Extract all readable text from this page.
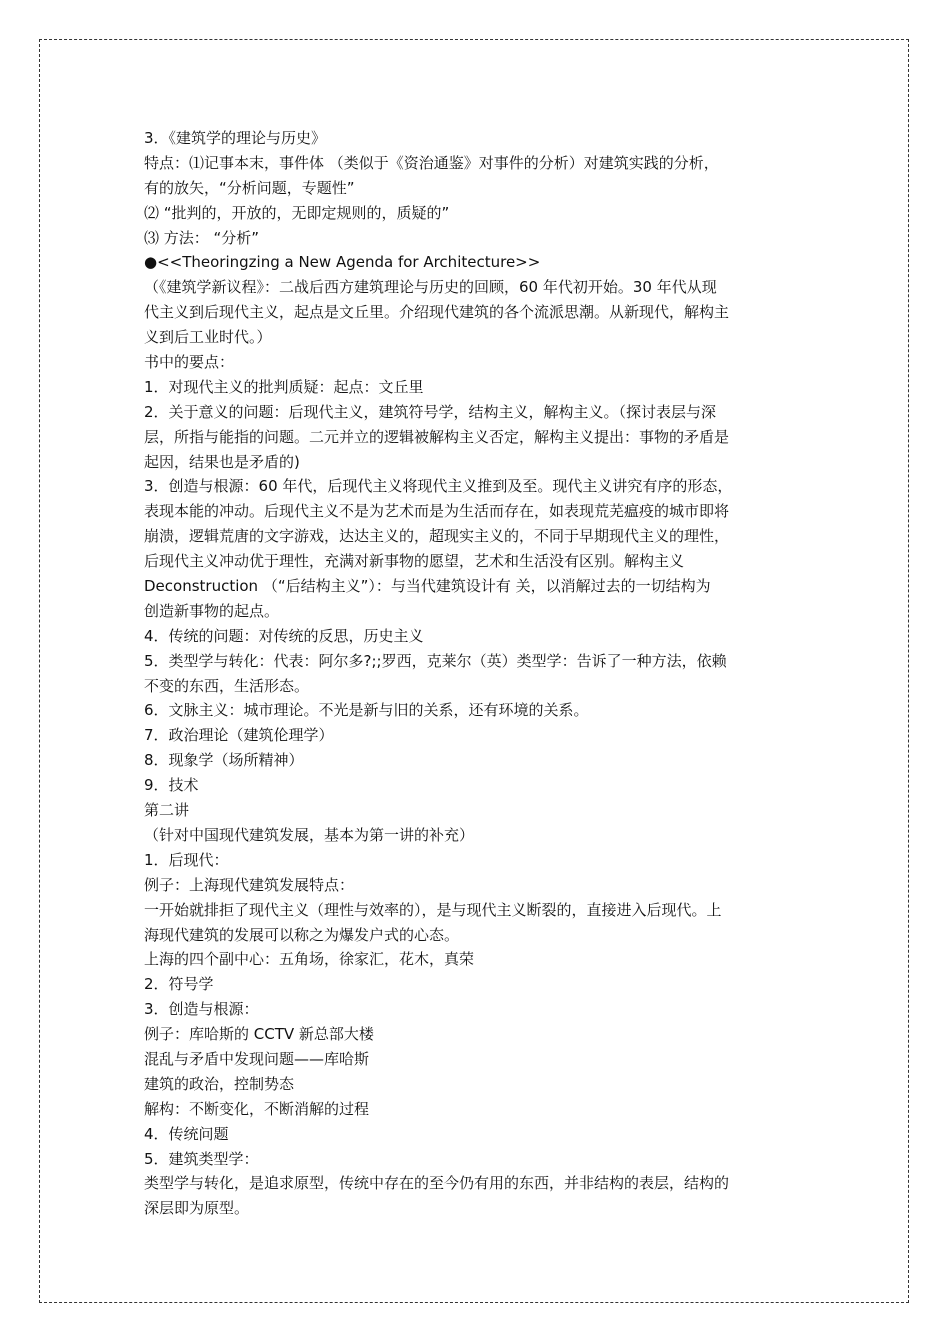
3．《建筑学的理论与历史》
特点：⑴记事本末，事件体 （类似于《资治通鉴》对事件的分析）对建筑实践的分析，
有的放矢，“分析问题，专题性”
⑵ “批判的，开放的，无即定规则的，质疑的”
⑶ 方法： “分析”
●<<Theoringzing a New Agenda for Architecture>>
（《建筑学新议程》：二战后西方建筑理论与历史的回顾，60 年代初开始。30 年代从现
代主义到后现代主义，起点是文丘里。介绍现代建筑的各个流派思潮。从新现代，解构主
义到后工业时代。）
书中的要点：
1．对现代主义的批判质疑：起点：文丘里
2．关于意义的问题：后现代主义，建筑符号学，结构主义，解构主义。（探讨表层与深
层，所指与能指的问题。二元并立的逻辑被解构主义否定，解构主义提出：事物的矛盾是
起因，结果也是矛盾的)
3．创造与根源：60 年代，后现代主义将现代主义推到及至。现代主义讲究有序的形态，
表现本能的冲动。后现代主义不是为艺术而是为生活而存在，如表现荒芜瘟疫的城市即将
崩溃，逻辑荒唐的文字游戏，达达主义的，超现实主义的，不同于早期现代主义的理性，
后现代主义冲动优于理性，充满对新事物的愿望，艺术和生活没有区别。解构主义
Deconstruction （“后结构主义”）：与当代建筑设计有 关，以消解过去的一切结构为
创造新事物的起点。
4．传统的问题：对传统的反思，历史主义
5．类型学与转化：代表：阿尔多?;;罗西，克莱尔（英）类型学：告诉了一种方法，依赖
不变的东西，生活形态。
6．文脉主义：城市理论。不光是新与旧的关系，还有环境的关系。
7．政治理论（建筑伦理学）
8．现象学（场所精神）
9．技术
第二讲
（针对中国现代建筑发展，基本为第一讲的补充）
1．后现代：
例子：上海现代建筑发展特点：
一开始就排拒了现代主义（理性与效率的），是与现代主义断裂的，直接进入后现代。上
海现代建筑的发展可以称之为爆发户式的心态。
上海的四个副中心：五角场，徐家汇，花木，真荣
2．符号学
3．创造与根源：
例子：库哈斯的 CCTV 新总部大楼
混乱与矛盾中发现问题——库哈斯
建筑的政治，控制势态
解构：不断变化，不断消解的过程
4．传统问题
5．建筑类型学：
类型学与转化，是追求原型，传统中存在的至今仍有用的东西，并非结构的表层，结构的
深层即为原型。
